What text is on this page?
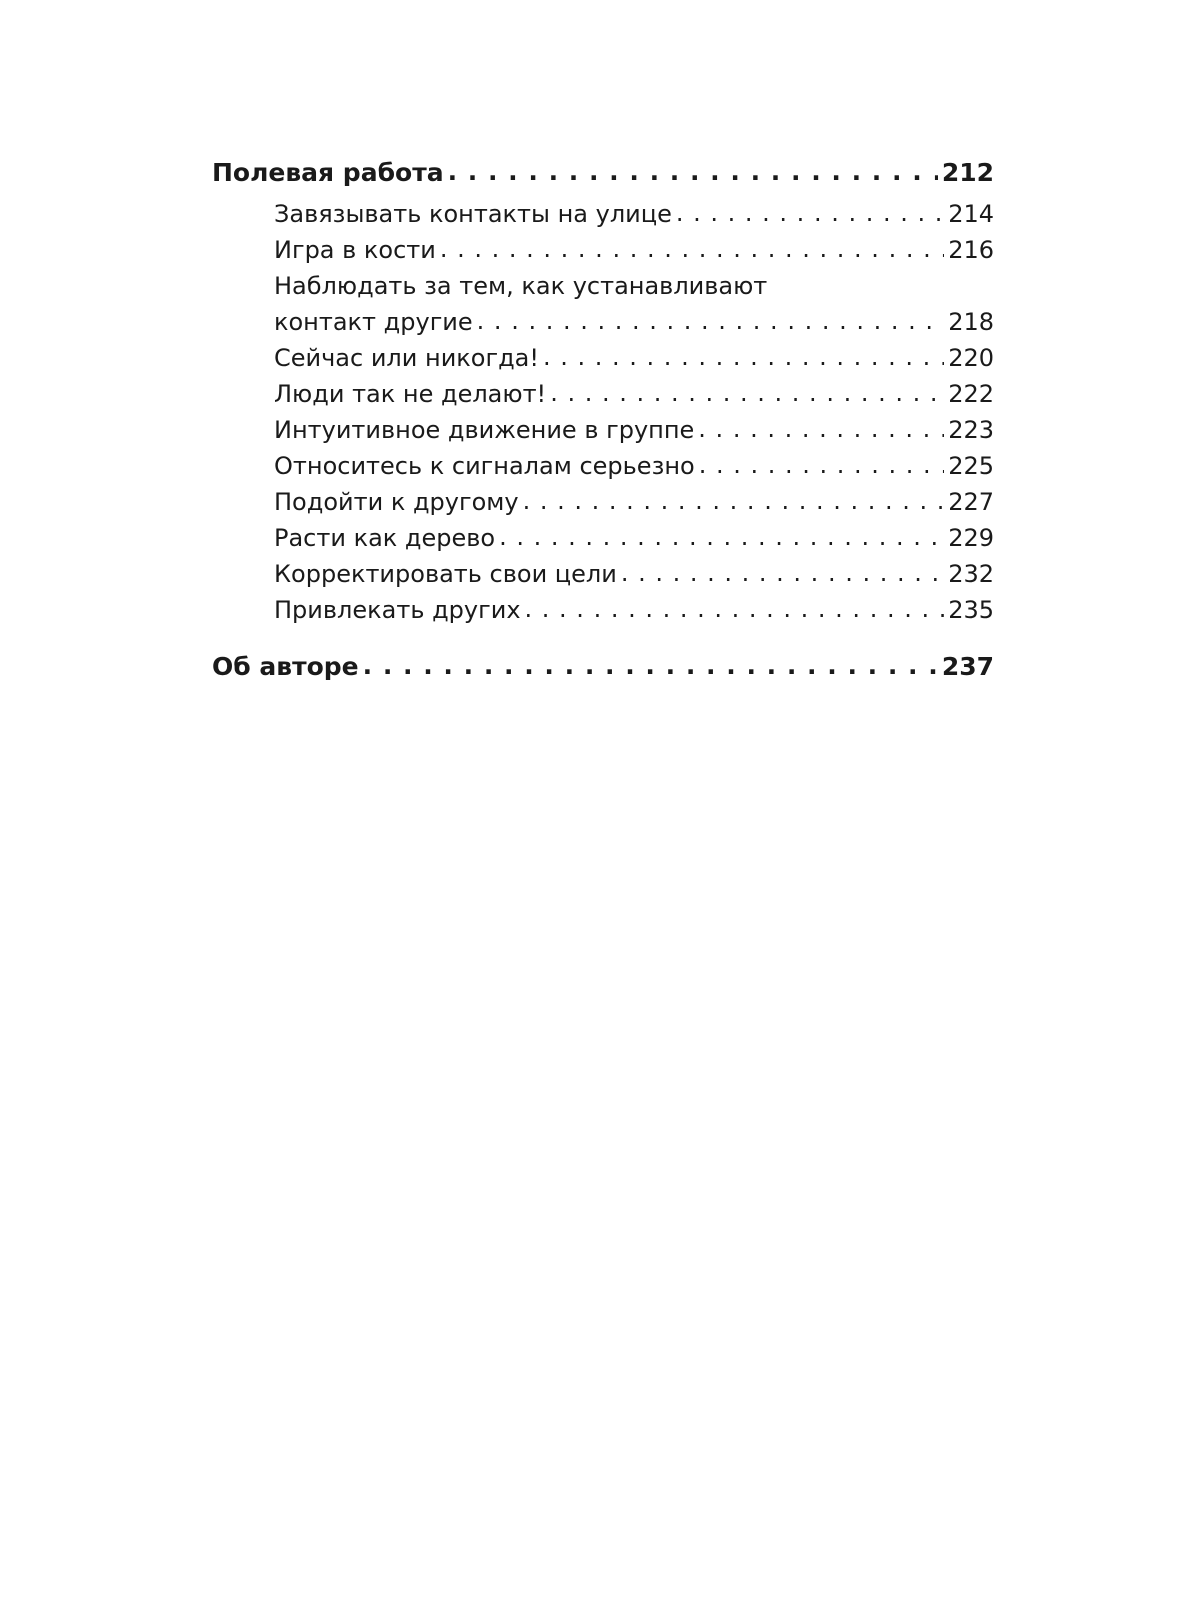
Полевая работа . . .	212
Завязывать контакты на улице . . .	214
Игра в кости . . .	216
Наблюдать за тем, как устанавливают
контакт другие . . .	218
Сейчас или никогда! . . .	220
Люди так не делают! . . .	222
Интуитивное движение в группе . . .	223
Относитесь к сигналам серьезно . . .	225
Подойти к другому . . .	227
Расти как дерево . . .	229
Корректировать свои цели . . .	232
Привлекать других . . .	235
Об авторе . . .	237
